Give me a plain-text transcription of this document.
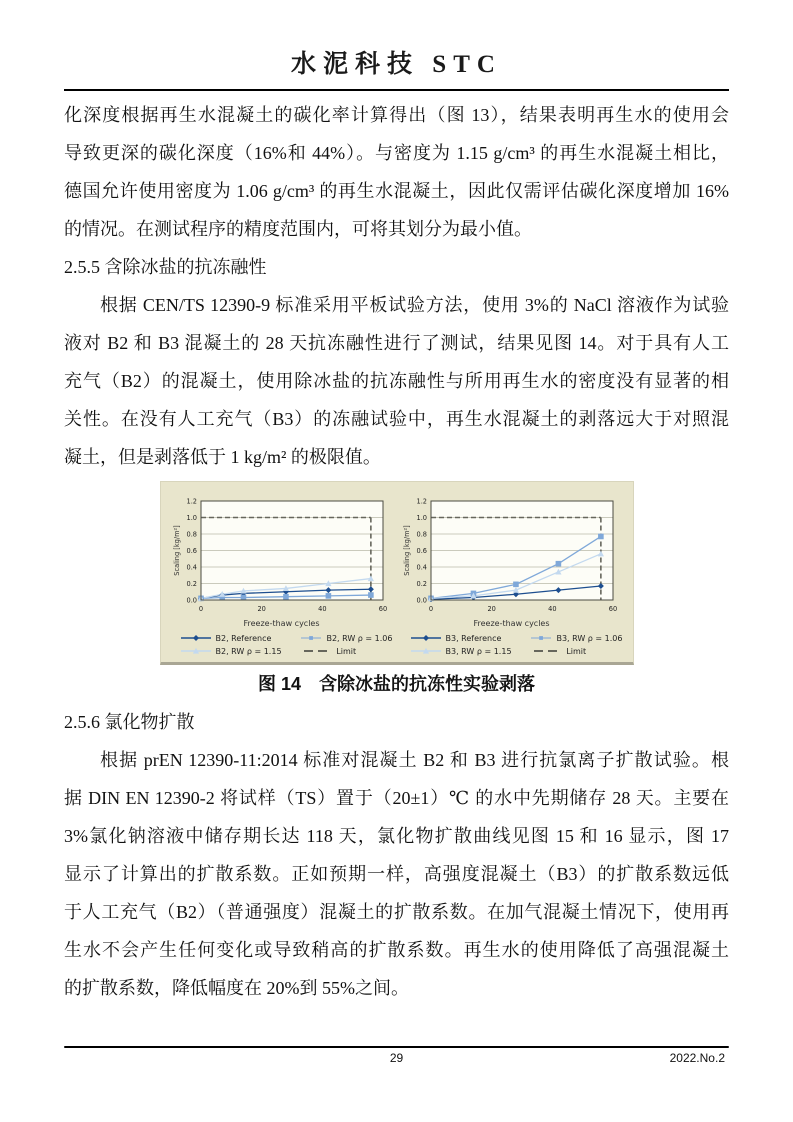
水泥科技 STC
化深度根据再生水混凝土的碳化率计算得出（图 13），结果表明再生水的使用会
导致更深的碳化深度（16%和 44%）。与密度为 1.15 g/cm³ 的再生水混凝土相比，
德国允许使用密度为 1.06 g/cm³ 的再生水混凝土，因此仅需评估碳化深度增加 16%
的情况。在测试程序的精度范围内，可将其划分为最小值。
2.5.5 含除冰盐的抗冻融性
根据 CEN/TS 12390-9 标准采用平板试验方法，使用 3%的 NaCl 溶液作为试验
液对 B2 和 B3 混凝土的 28 天抗冻融性进行了测试，结果见图 14。对于具有人工
充气（B2）的混凝土，使用除冰盐的抗冻融性与所用再生水的密度没有显著的相
关性。在没有人工充气（B3）的冻融试验中，再生水混凝土的剥落远大于对照混
凝土，但是剥落低于 1 kg/m² 的极限值。
0.0
0.2
0.4
0.6
0.8
1.0
1.2
0	20	40	60
Scaling [kg/m²]
Freeze-thaw cycles
B2, Reference	B2, RW ρ = 1.06
B2, RW ρ = 1.15	Limit
0.0
0.2
0.4
0.6
0.8
1.0
1.2
0	20	40	60
Scaling [kg/m²]
Freeze-thaw cycles
B3, Reference	B3, RW ρ = 1.06
B3, RW ρ = 1.15	Limit
图 14　含除冰盐的抗冻性实验剥落
2.5.6 氯化物扩散
根据 prEN 12390-11:2014 标准对混凝土 B2 和 B3 进行抗氯离子扩散试验。根
据 DIN EN 12390-2 将试样（TS）置于（20±1）℃ 的水中先期储存 28 天。主要在
3%氯化钠溶液中储存期长达 118 天，氯化物扩散曲线见图 15 和 16 显示，图 17
显示了计算出的扩散系数。正如预期一样，高强度混凝土（B3）的扩散系数远低
于人工充气（B2）（普通强度）混凝土的扩散系数。在加气混凝土情况下，使用再
生水不会产生任何变化或导致稍高的扩散系数。再生水的使用降低了高强混凝土
的扩散系数，降低幅度在 20%到 55%之间。
29	2022.No.2
